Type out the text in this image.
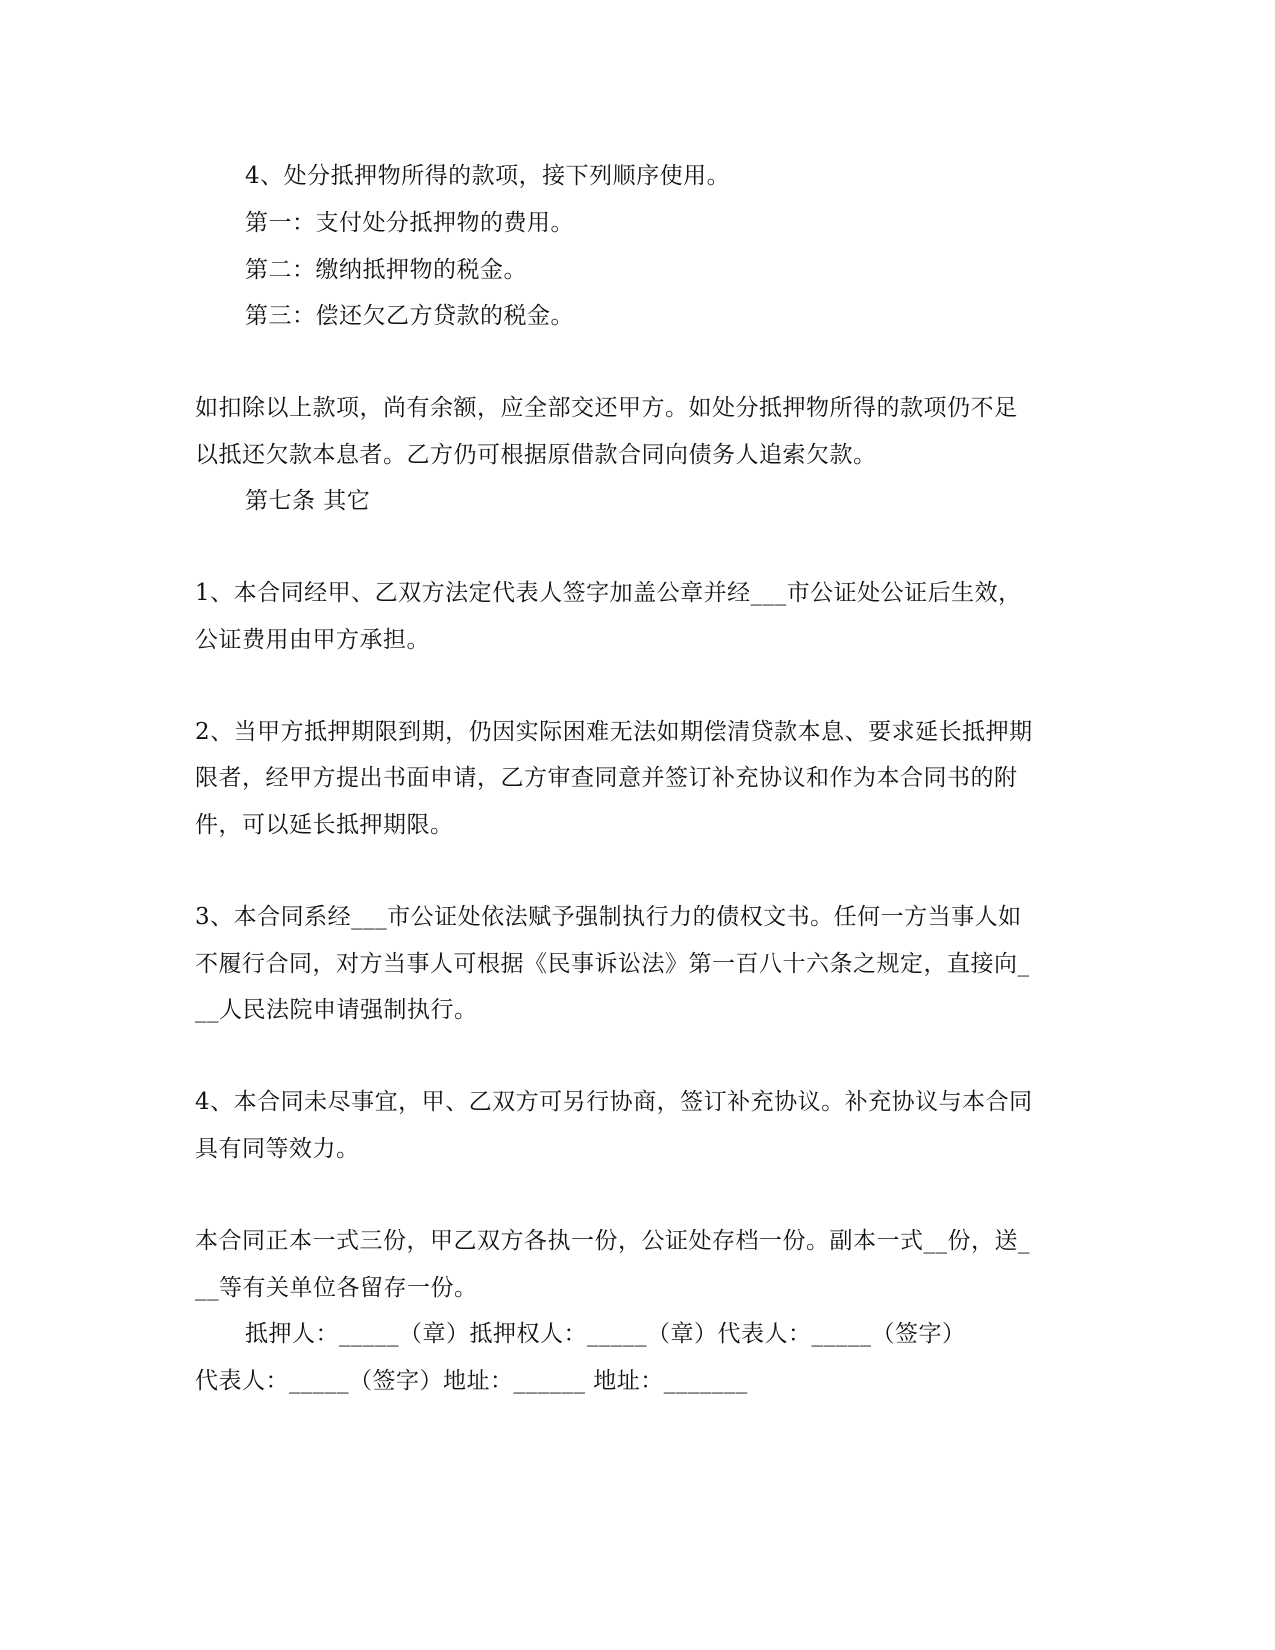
4、处分抵押物所得的款项，接下列顺序使用。
第一：支付处分抵押物的费用。
第二：缴纳抵押物的税金。
第三：偿还欠乙方贷款的税金。
如扣除以上款项，尚有余额，应全部交还甲方。如处分抵押物所得的款项仍不足
以抵还欠款本息者。乙方仍可根据原借款合同向债务人追索欠款。
第七条 其它
1、本合同经甲、乙双方法定代表人签字加盖公章并经___市公证处公证后生效，
公证费用由甲方承担。
2、当甲方抵押期限到期，仍因实际困难无法如期偿清贷款本息、要求延长抵押期
限者，经甲方提出书面申请，乙方审查同意并签订补充协议和作为本合同书的附
件，可以延长抵押期限。
3、本合同系经___市公证处依法赋予强制执行力的债权文书。任何一方当事人如
不履行合同，对方当事人可根据《民事诉讼法》第一百八十六条之规定，直接向_
__人民法院申请强制执行。
4、本合同未尽事宜，甲、乙双方可另行协商，签订补充协议。补充协议与本合同
具有同等效力。
本合同正本一式三份，甲乙双方各执一份，公证处存档一份。副本一式__份，送_
__等有关单位各留存一份。
抵押人：_____（章）抵押权人：_____（章）代表人：_____（签字）
代表人：_____（签字）地址：______ 地址：_______
